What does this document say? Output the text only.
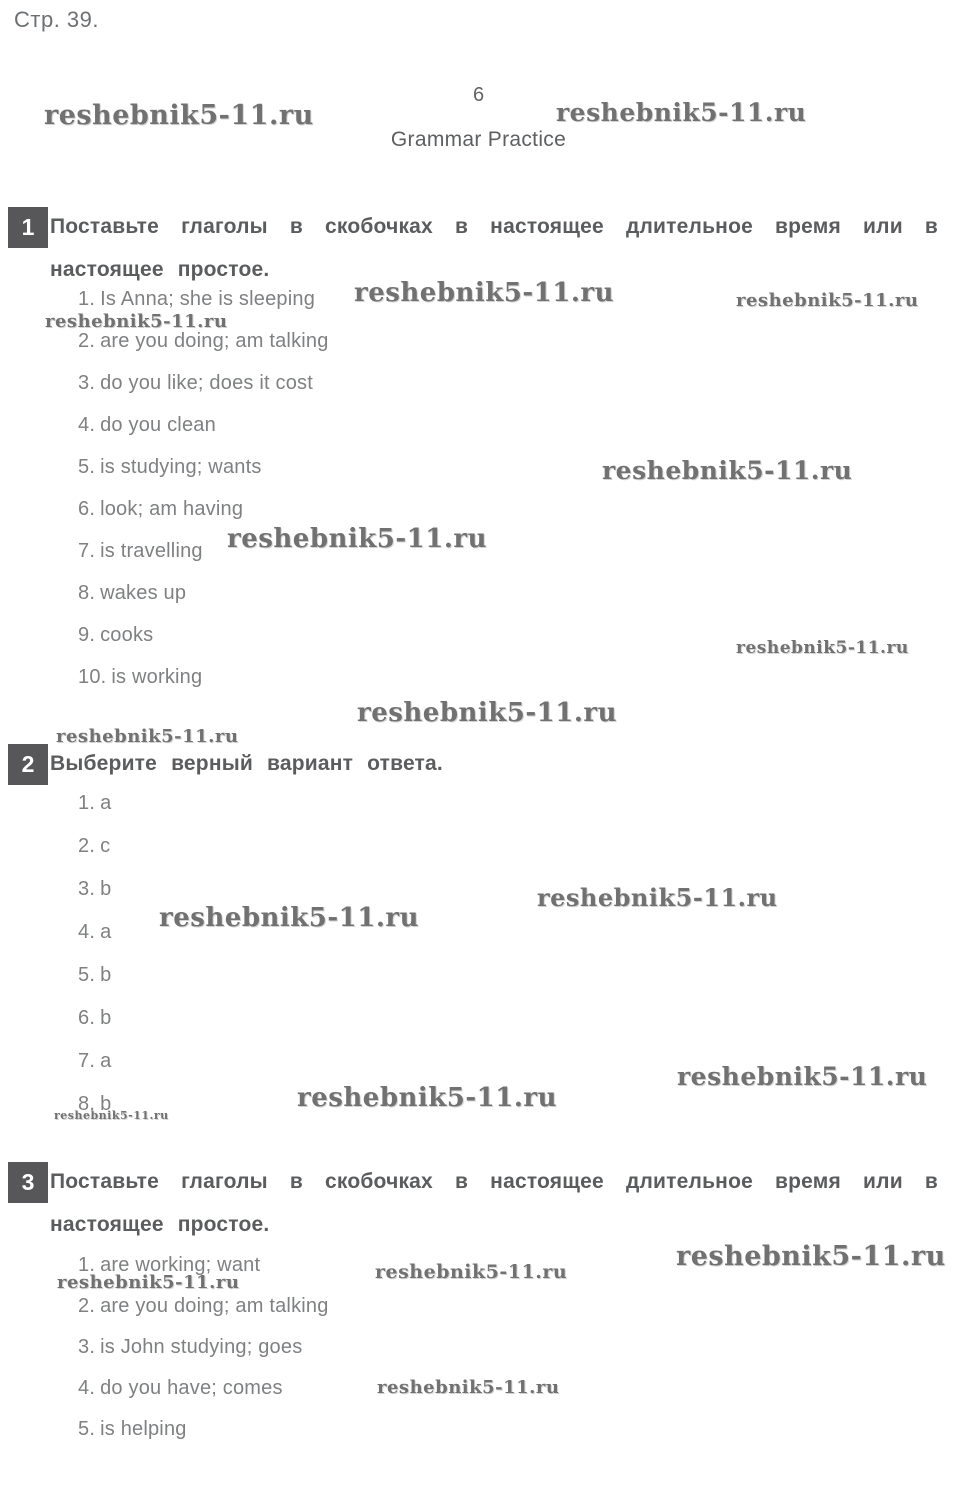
Стр. 39.
6
Grammar Practice
1 Поставьте глаголы в скобочках в настоящее длительное время или в настоящее простое.
1. Is Anna; she is sleeping
2. are you doing; am talking
3. do you like; does it cost
4. do you clean
5. is studying; wants
6. look; am having
7. is travelling
8. wakes up
9. cooks
10. is working
2 Выберите верный вариант ответа.
1. a
2. c
3. b
4. a
5. b
6. b
7. a
8. b
3 Поставьте глаголы в скобочках в настоящее длительное время или в настоящее простое.
1. are working; want
2. are you doing; am talking
3. is John studying; goes
4. do you have; comes
5. is helping
reshebnik5-11.ru	reshebnik5-11.ru
reshebnik5-11.ru	reshebnik5-11.ru
reshebnik5-11.ru
reshebnik5-11.ru
reshebnik5-11.ru
reshebnik5-11.ru
reshebnik5-11.ru
reshebnik5-11.ru
reshebnik5-11.ru
reshebnik5-11.ru
reshebnik5-11.ru
reshebnik5-11.ru
reshebnik5-11.ru
reshebnik5-11.ru
reshebnik5-11.ru
reshebnik5-11.ru
reshebnik5-11.ru
